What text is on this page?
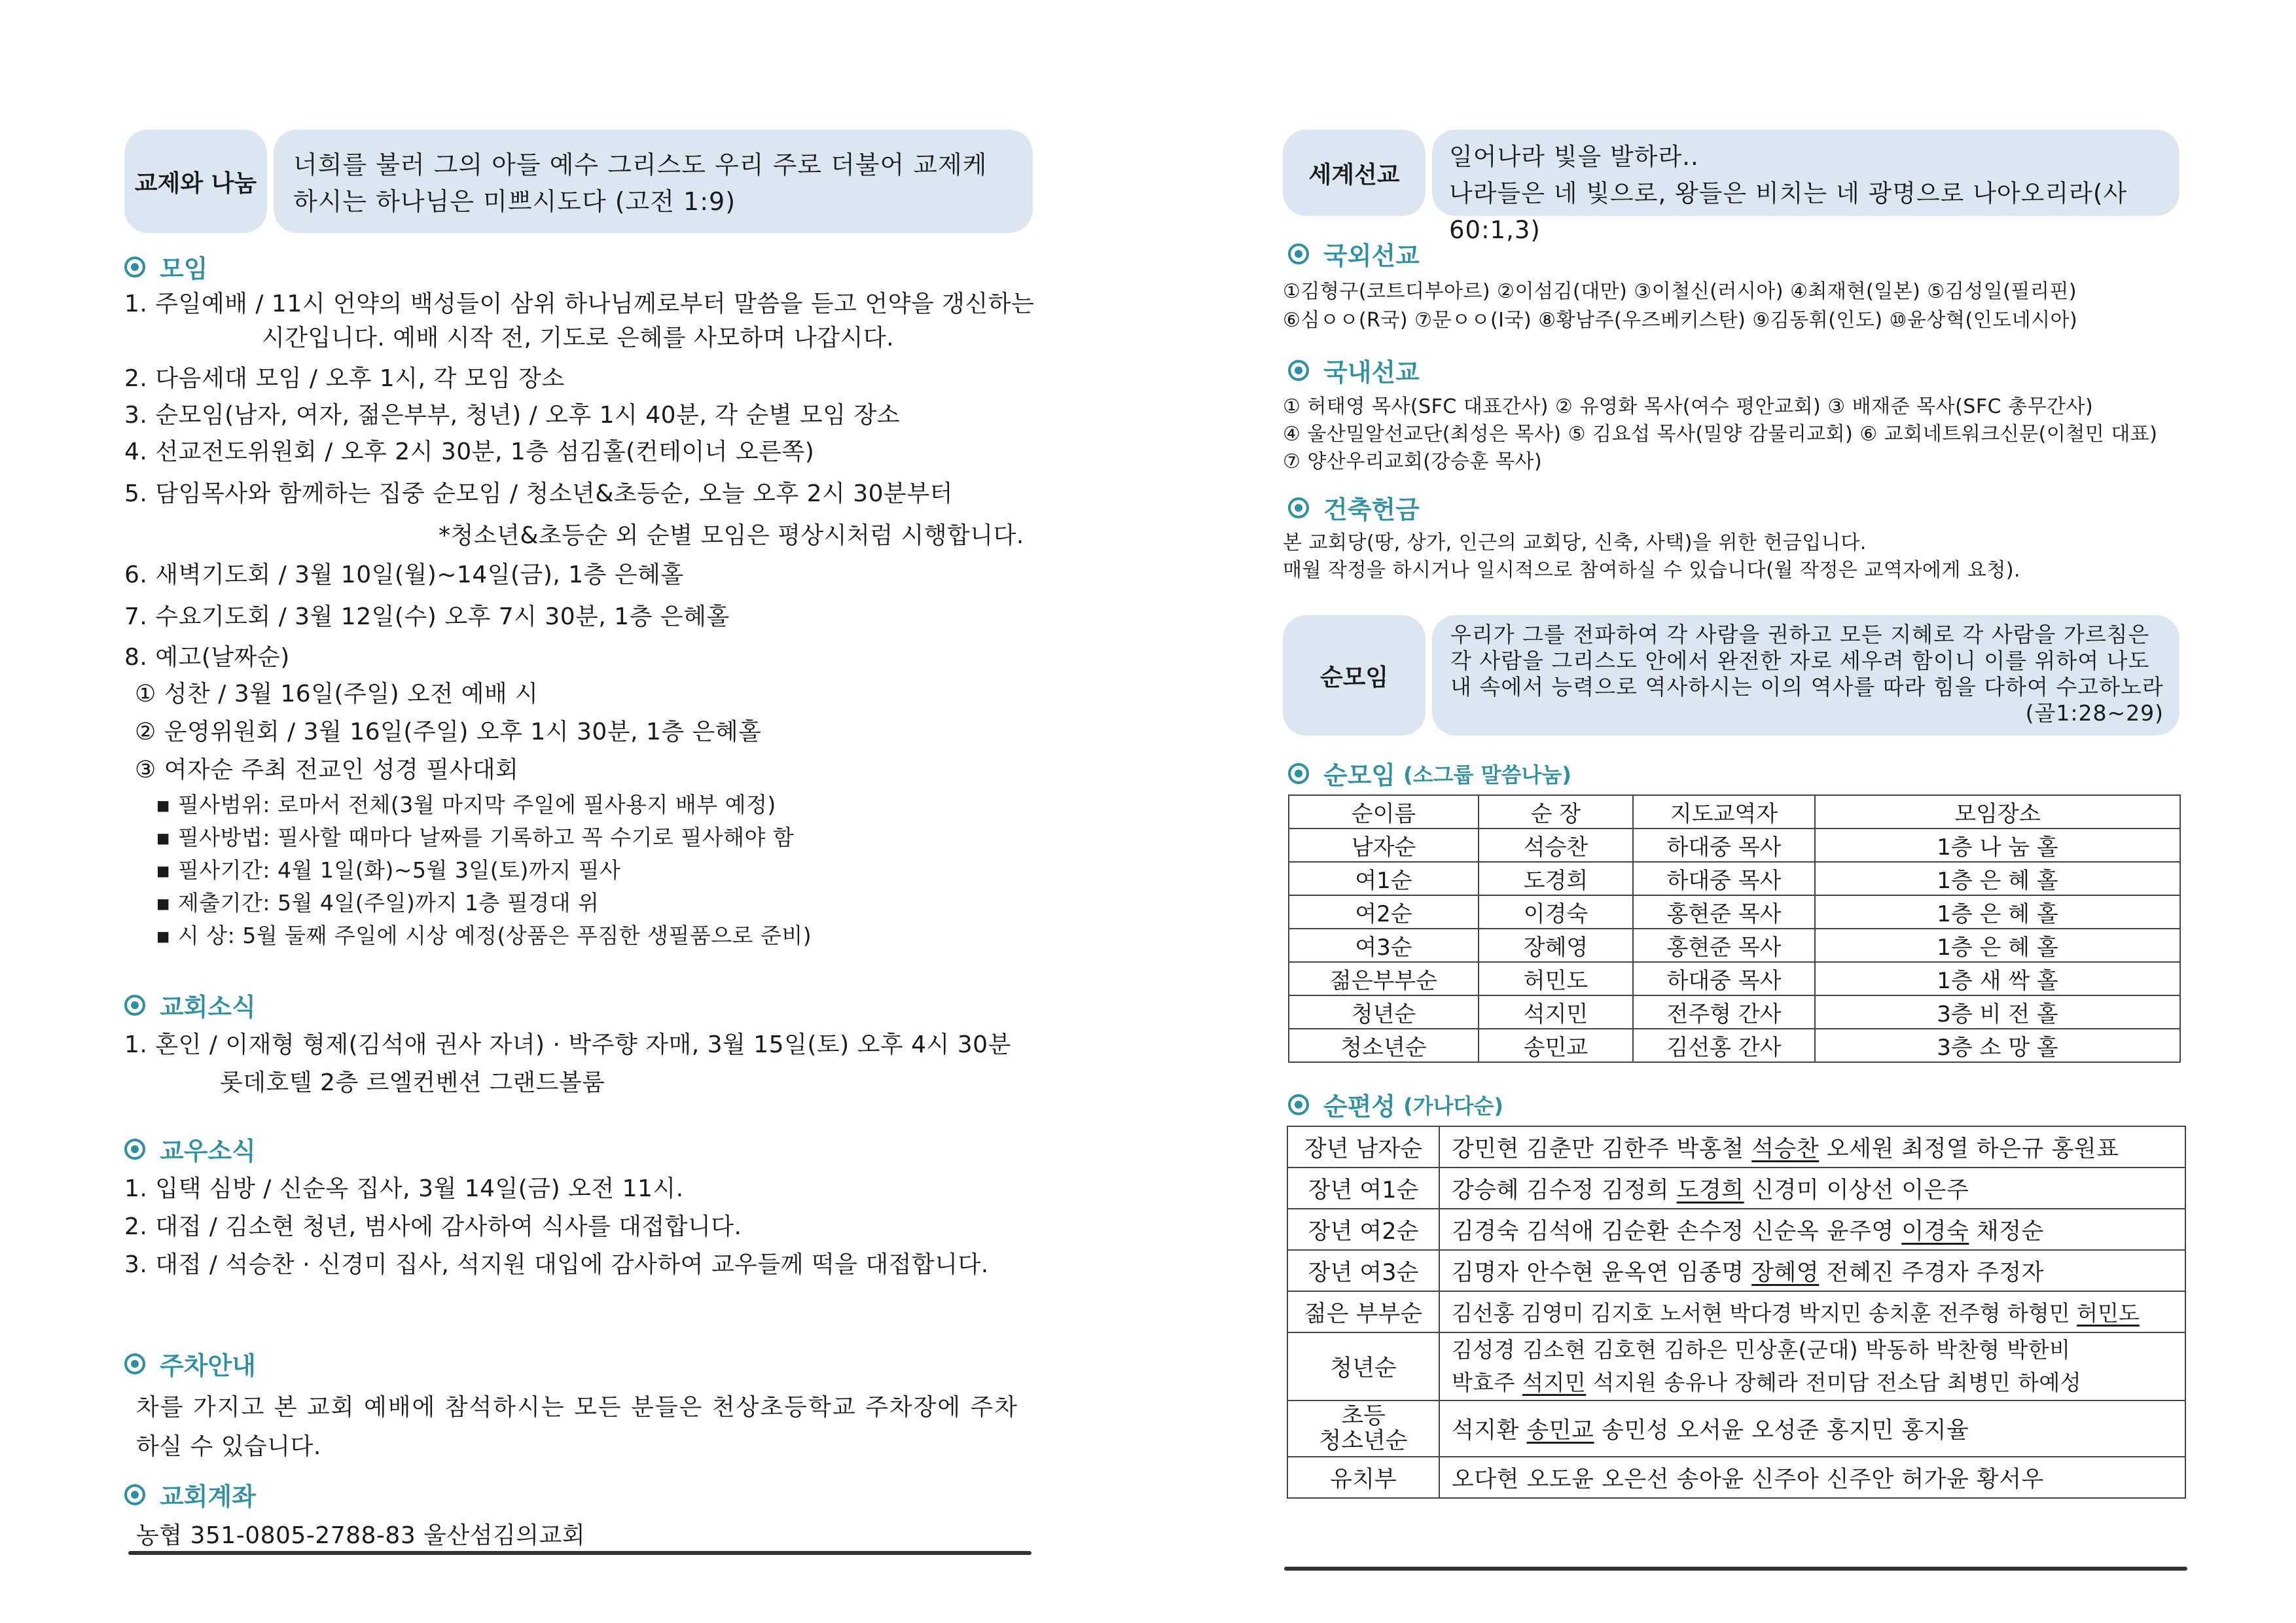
교제와 나눔
너희를 불러 그의 아들 예수 그리스도 우리 주로 더불어 교제케
하시는 하나님은 미쁘시도다 (고전 1:9)
모임
1. 주일예배 / 11시 언약의 백성들이 삼위 하나님께로부터 말씀을 듣고 언약을 갱신하는
시간입니다. 예배 시작 전, 기도로 은혜를 사모하며 나갑시다.
2. 다음세대 모임 / 오후 1시, 각 모임 장소
3. 순모임(남자, 여자, 젊은부부, 청년) / 오후 1시 40분, 각 순별 모임 장소
4. 선교전도위원회 / 오후 2시 30분, 1층 섬김홀(컨테이너 오른쪽)
5. 담임목사와 함께하는 집중 순모임 / 청소년&초등순, 오늘 오후 2시 30분부터
*청소년&초등순 외 순별 모임은 평상시처럼 시행합니다.
6. 새벽기도회 / 3월 10일(월)~14일(금), 1층 은혜홀
7. 수요기도회 / 3월 12일(수) 오후 7시 30분, 1층 은혜홀
8. 예고(날짜순)
① 성찬 / 3월 16일(주일) 오전 예배 시
② 운영위원회 / 3월 16일(주일) 오후 1시 30분, 1층 은혜홀
③ 여자순 주최 전교인 성경 필사대회
▪ 필사범위: 로마서 전체(3월 마지막 주일에 필사용지 배부 예정)
▪ 필사방법: 필사할 때마다 날짜를 기록하고 꼭 수기로 필사해야 함
▪ 필사기간: 4월 1일(화)~5월 3일(토)까지 필사
▪ 제출기간: 5월 4일(주일)까지 1층 필경대 위
▪ 시 상: 5월 둘째 주일에 시상 예정(상품은 푸짐한 생필품으로 준비)
교회소식
1. 혼인 / 이재형 형제(김석애 권사 자녀) · 박주향 자매, 3월 15일(토) 오후 4시 30분
롯데호텔 2층 르엘컨벤션 그랜드볼룸
교우소식
1. 입택 심방 / 신순옥 집사, 3월 14일(금) 오전 11시.
2. 대접 / 김소현 청년, 범사에 감사하여 식사를 대접합니다.
3. 대접 / 석승찬 · 신경미 집사, 석지원 대입에 감사하여 교우들께 떡을 대접합니다.
주차안내
차를 가지고 본 교회 예배에 참석하시는 모든 분들은 천상초등학교 주차장에 주차
하실 수 있습니다.
교회계좌
농협 351-0805-2788-83 울산섬김의교회
세계선교
일어나라 빛을 발하라..
나라들은 네 빛으로, 왕들은 비치는 네 광명으로 나아오리라(사60:1,3)
국외선교
①김형구(코트디부아르) ②이섬김(대만) ③이철신(러시아) ④최재현(일본) ⑤김성일(필리핀)
⑥심ㅇㅇ(R국) ⑦문ㅇㅇ(I국) ⑧황남주(우즈베키스탄) ⑨김동휘(인도) ⑩윤상혁(인도네시아)
국내선교
① 허태영 목사(SFC 대표간사) ② 유영화 목사(여수 평안교회) ③ 배재준 목사(SFC 총무간사)
④ 울산밀알선교단(최성은 목사) ⑤ 김요섭 목사(밀양 감물리교회) ⑥ 교회네트워크신문(이철민 대표)
⑦ 양산우리교회(강승훈 목사)
건축헌금
본 교회당(땅, 상가, 인근의 교회당, 신축, 사택)을 위한 헌금입니다.
매월 작정을 하시거나 일시적으로 참여하실 수 있습니다(월 작정은 교역자에게 요청).
순모임
우리가 그를 전파하여 각 사람을 권하고 모든 지혜로 각 사람을 가르침은
각 사람을 그리스도 안에서 완전한 자로 세우려 함이니 이를 위하여 나도
내 속에서 능력으로 역사하시는 이의 역사를 따라 힘을 다하여 수고하노라
(골1:28~29)
순모임 (소그룹 말씀나눔)
순이름	순 장	지도교역자	모임장소
남자순	석승찬	하대중 목사	1층 나 눔 홀
여1순	도경희	하대중 목사	1층 은 혜 홀
여2순	이경숙	홍현준 목사	1층 은 혜 홀
여3순	장혜영	홍현준 목사	1층 은 혜 홀
젊은부부순	허민도	하대중 목사	1층 새 싹 홀
청년순	석지민	전주형 간사	3층 비 전 홀
청소년순	송민교	김선홍 간사	3층 소 망 홀
순편성 (가나다순)
장년 남자순	강민현 김춘만 김한주 박홍철 석승찬 오세원 최정열 하은규 홍원표
장년 여1순	강승혜 김수정 김정희 도경희 신경미 이상선 이은주
장년 여2순	김경숙 김석애 김순환 손수정 신순옥 윤주영 이경숙 채정순
장년 여3순	김명자 안수현 윤옥연 임종명 장혜영 전혜진 주경자 주정자
젊은 부부순	김선홍 김영미 김지호 노서현 박다경 박지민 송치훈 전주형 하형민 허민도
청년순	김성경 김소현 김호현 김하은 민상훈(군대) 박동하 박찬형 박한비
박효주 석지민 석지원 송유나 장혜라 전미담 전소담 최병민 하예성

초등
청소년순	석지환 송민교 송민성 오서윤 오성준 홍지민 홍지율
유치부	오다현 오도윤 오은선 송아윤 신주아 신주안 허가윤 황서우
